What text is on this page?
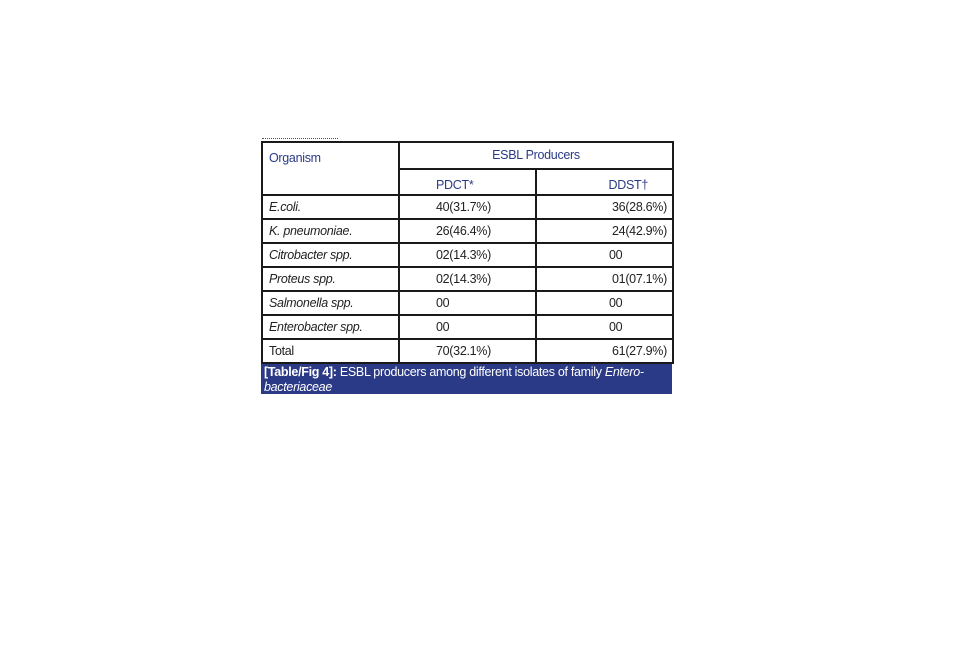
Organism	ESBL Producers	
	PDCT*	DDST†
E.coli.	40(31.7%)	36(28.6%)
K. pneumoniae.	26(46.4%)	24(42.9%)
Citrobacter spp.	02(14.3%)	00
Proteus spp.	02(14.3%)	01(07.1%)
Salmonella spp.	00	00
Enterobacter spp.	00	00
Total	70(32.1%)	61(27.9%)
[Table/Fig 4]: ESBL producers among different isolates of family Entero-bacteriaceae
